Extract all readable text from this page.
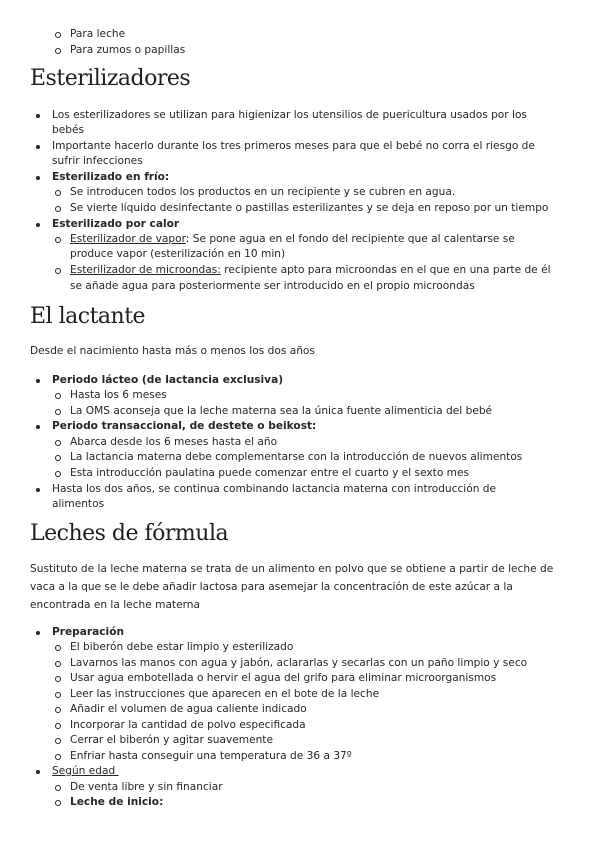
Para leche
Para zumos o papillas
Esterilizadores
Los esterilizadores se utilizan para higienizar los utensilios de puericultura usados por los
bebés
Importante hacerlo durante los tres primeros meses para que el bebé no corra el riesgo de
sufrir infecciones
Esterilizado en frío:
Se introducen todos los productos en un recipiente y se cubren en agua.
Se vierte líquido desinfectante o pastillas esterilizantes y se deja en reposo por un tiempo
Esterilizado por calor
Esterilizador de vapor: Se pone agua en el fondo del recipiente que al calentarse se
produce vapor (esterilización en 10 min)
Esterilizador de microondas: recipiente apto para microondas en el que en una parte de él
se añade agua para posteriormente ser introducido en el propio microondas
El lactante
Desde el nacimiento hasta más o menos los dos años
Periodo lácteo (de lactancia exclusiva)
Hasta los 6 meses
La OMS aconseja que la leche materna sea la única fuente alimenticia del bebé
Periodo transaccional, de destete o beikost:
Abarca desde los 6 meses hasta el año
La lactancia materna debe complementarse con la introducción de nuevos alimentos
Esta introducción paulatina puede comenzar entre el cuarto y el sexto mes
Hasta los dos años, se continua combinando lactancia materna con introducción de
alimentos
Leches de fórmula
Sustituto de la leche materna se trata de un alimento en polvo que se obtiene a partir de leche de
vaca a la que se le debe añadir lactosa para asemejar la concentración de este azúcar a la
encontrada en la leche materna
Preparación
El biberón debe estar limpio y esterilizado
Lavarnos las manos con agua y jabón, aclararlas y secarlas con un paño limpio y seco
Usar agua embotellada o hervir el agua del grifo para eliminar microorganismos
Leer las instrucciones que aparecen en el bote de la leche
Añadir el volumen de agua caliente indicado
Incorporar la cantidad de polvo especificada
Cerrar el biberón y agitar suavemente
Enfriar hasta conseguir una temperatura de 36 a 37º
Según edad
De venta libre y sin financiar
Leche de inicio:
